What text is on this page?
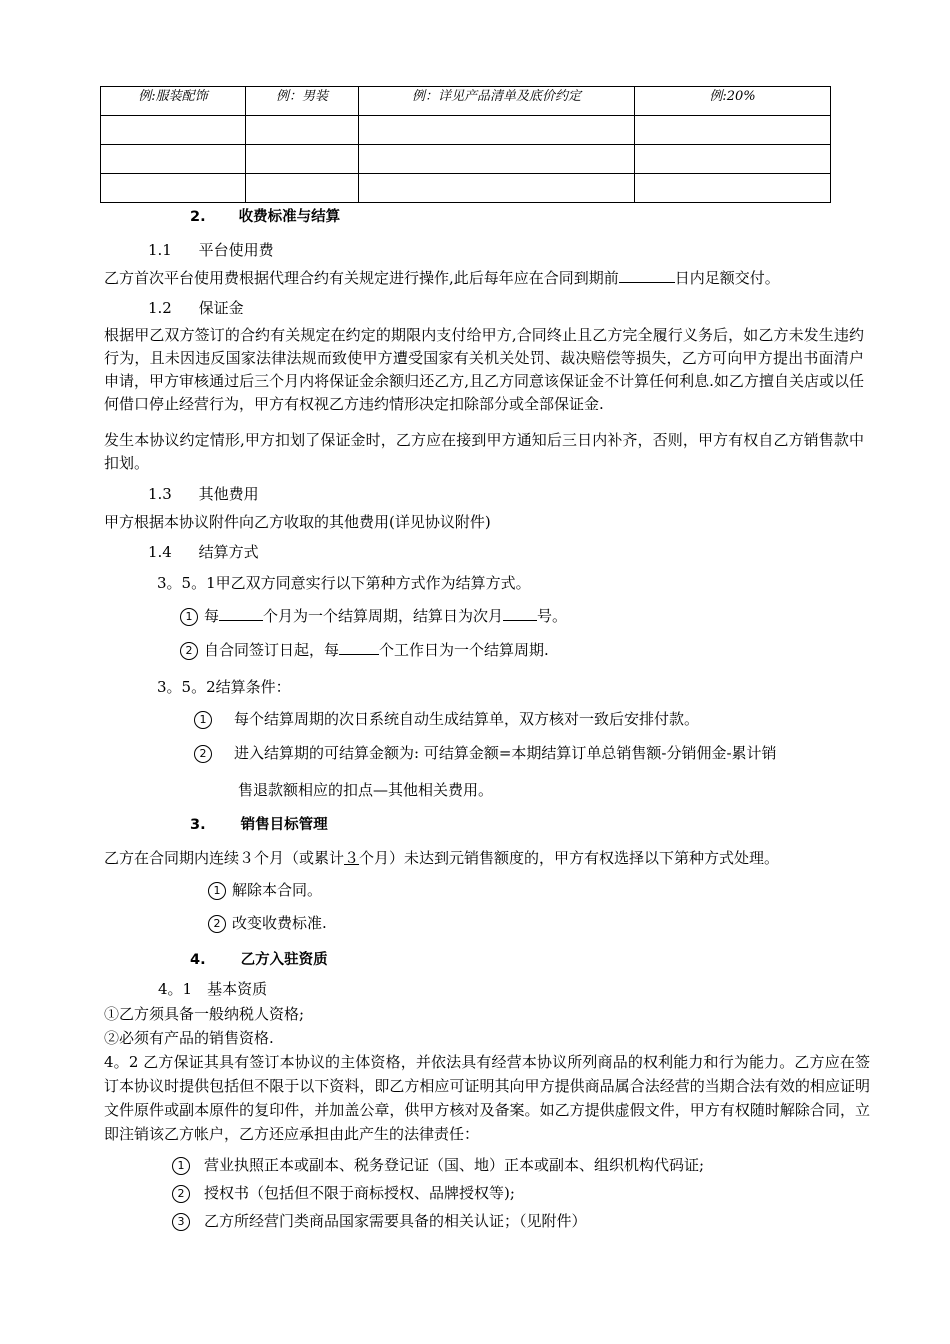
例:服装配饰	例：男装	例：详见产品清单及底价约定	例:20%

2. 收费标准与结算
1.1 平台使用费
乙方首次平台使用费根据代理合约有关规定进行操作,此后每年应在合同到期前	日内足额交付。
1.2 保证金
根据甲乙双方签订的合约有关规定在约定的期限内支付给甲方,合同终止且乙方完全履行义务后，如乙方未发生违约行为，且未因违反国家法律法规而致使甲方遭受国家有关机关处罚、裁决赔偿等损失，乙方可向甲方提出书面清户申请，甲方审核通过后三个月内将保证金余额归还乙方,且乙方同意该保证金不计算任何利息.如乙方擅自关店或以任何借口停止经营行为，甲方有权视乙方违约情形决定扣除部分或全部保证金.
发生本协议约定情形,甲方扣划了保证金时，乙方应在接到甲方通知后三日内补齐，否则，甲方有权自乙方销售款中扣划。
1.3 其他费用
甲方根据本协议附件向乙方收取的其他费用(详见协议附件)
1.4 结算方式
3。5。1甲乙双方同意实行以下第种方式作为结算方式。
1 每	个月为一个结算周期，结算日为次月 号。
2 自合同签订日起，每	个工作日为一个结算周期.
3。5。2结算条件：
1 每个结算周期的次日系统自动生成结算单，双方核对一致后安排付款。
2 进入结算期的可结算金额为: 可结算金额=本期结算订单总销售额-分销佣金-累计销
售退款额相应的扣点—其他相关费用。
3. 销售目标管理
乙方在合同期内连续３个月（或累计３个月）未达到元销售额度的，甲方有权选择以下第种方式处理。
1 解除本合同。
2 改变收费标准.
4. 乙方入驻资质
4。1　基本资质
①乙方须具备一般纳税人资格;
②必须有产品的销售资格.
4。2 乙方保证其具有签订本协议的主体资格，并依法具有经营本协议所列商品的权利能力和行为能力。乙方应在签订本协议时提供包括但不限于以下资料，即乙方相应可证明其向甲方提供商品属合法经营的当期合法有效的相应证明文件原件或副本原件的复印件，并加盖公章，供甲方核对及备案。如乙方提供虚假文件，甲方有权随时解除合同，立即注销该乙方帐户，乙方还应承担由此产生的法律责任：
1 营业执照正本或副本、税务登记证（国、地）正本或副本、组织机构代码证;
2 授权书（包括但不限于商标授权、品牌授权等);
3 乙方所经营门类商品国家需要具备的相关认证；（见附件）
